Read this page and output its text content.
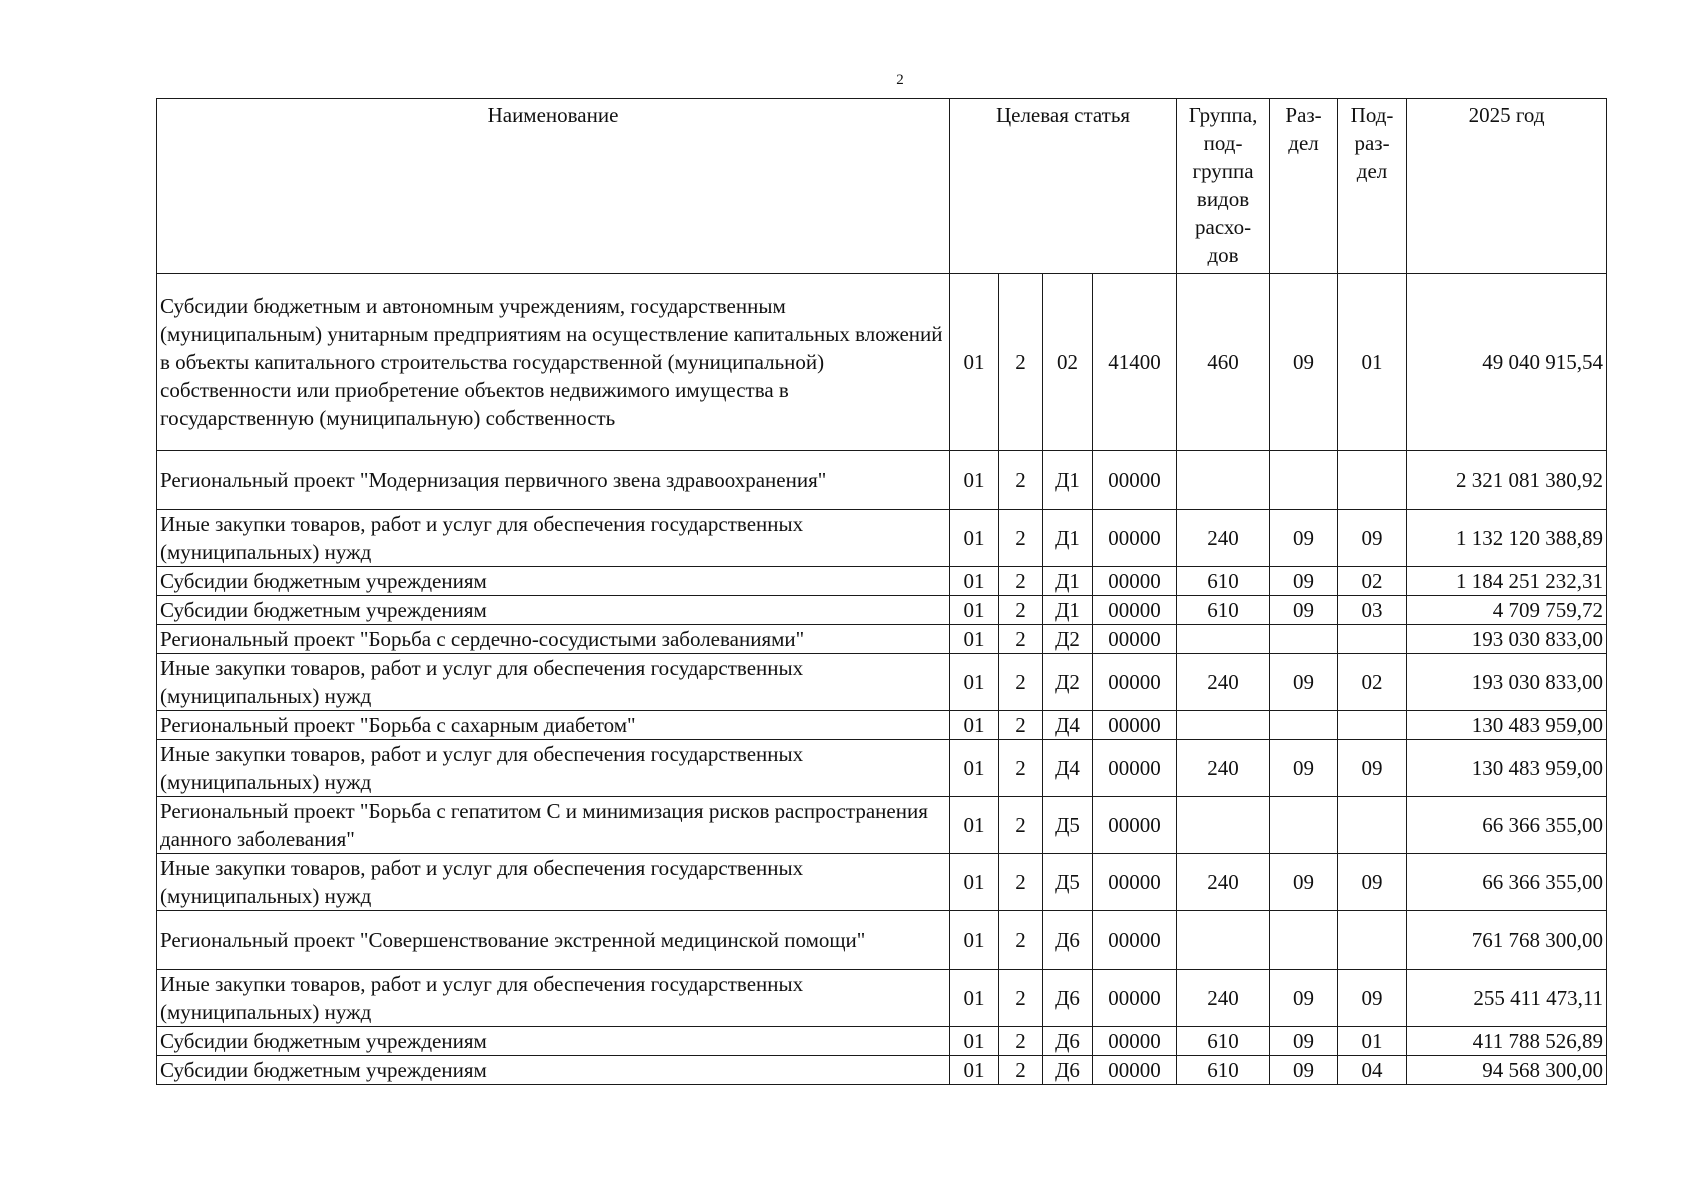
2
Наименование	Целевая статья				Группа, под-группа видов расхо-дов	Раз-дел	Под-раз-дел	2025 год
Субсидии бюджетным и автономным учреждениям, государственным (муниципальным) унитарным предприятиям на осуществление капитальных вложений в объекты капитального строительства государственной (муниципальной) собственности или приобретение объектов недвижимого имущества в государственную (муниципальную) собственность	01	2	02	41400	460	09	01	49 040 915,54
Региональный проект "Модернизация первичного звена здравоохранения"	01	2	Д1	00000				2 321 081 380,92
Иные закупки товаров, работ и услуг для обеспечения государственных (муниципальных) нужд	01	2	Д1	00000	240	09	09	1 132 120 388,89
Субсидии бюджетным учреждениям	01	2	Д1	00000	610	09	02	1 184 251 232,31
Субсидии бюджетным учреждениям	01	2	Д1	00000	610	09	03	4 709 759,72
Региональный проект "Борьба с сердечно-сосудистыми заболеваниями"	01	2	Д2	00000				193 030 833,00
Иные закупки товаров, работ и услуг для обеспечения государственных (муниципальных) нужд	01	2	Д2	00000	240	09	02	193 030 833,00
Региональный проект "Борьба с сахарным диабетом"	01	2	Д4	00000				130 483 959,00
Иные закупки товаров, работ и услуг для обеспечения государственных (муниципальных) нужд	01	2	Д4	00000	240	09	09	130 483 959,00
Региональный проект "Борьба с гепатитом С и минимизация рисков распространения данного заболевания"	01	2	Д5	00000				66 366 355,00
Иные закупки товаров, работ и услуг для обеспечения государственных (муниципальных) нужд	01	2	Д5	00000	240	09	09	66 366 355,00
Региональный проект "Совершенствование экстренной медицинской помощи"	01	2	Д6	00000				761 768 300,00
Иные закупки товаров, работ и услуг для обеспечения государственных (муниципальных) нужд	01	2	Д6	00000	240	09	09	255 411 473,11
Субсидии бюджетным учреждениям	01	2	Д6	00000	610	09	01	411 788 526,89
Субсидии бюджетным учреждениям	01	2	Д6	00000	610	09	04	94 568 300,00
